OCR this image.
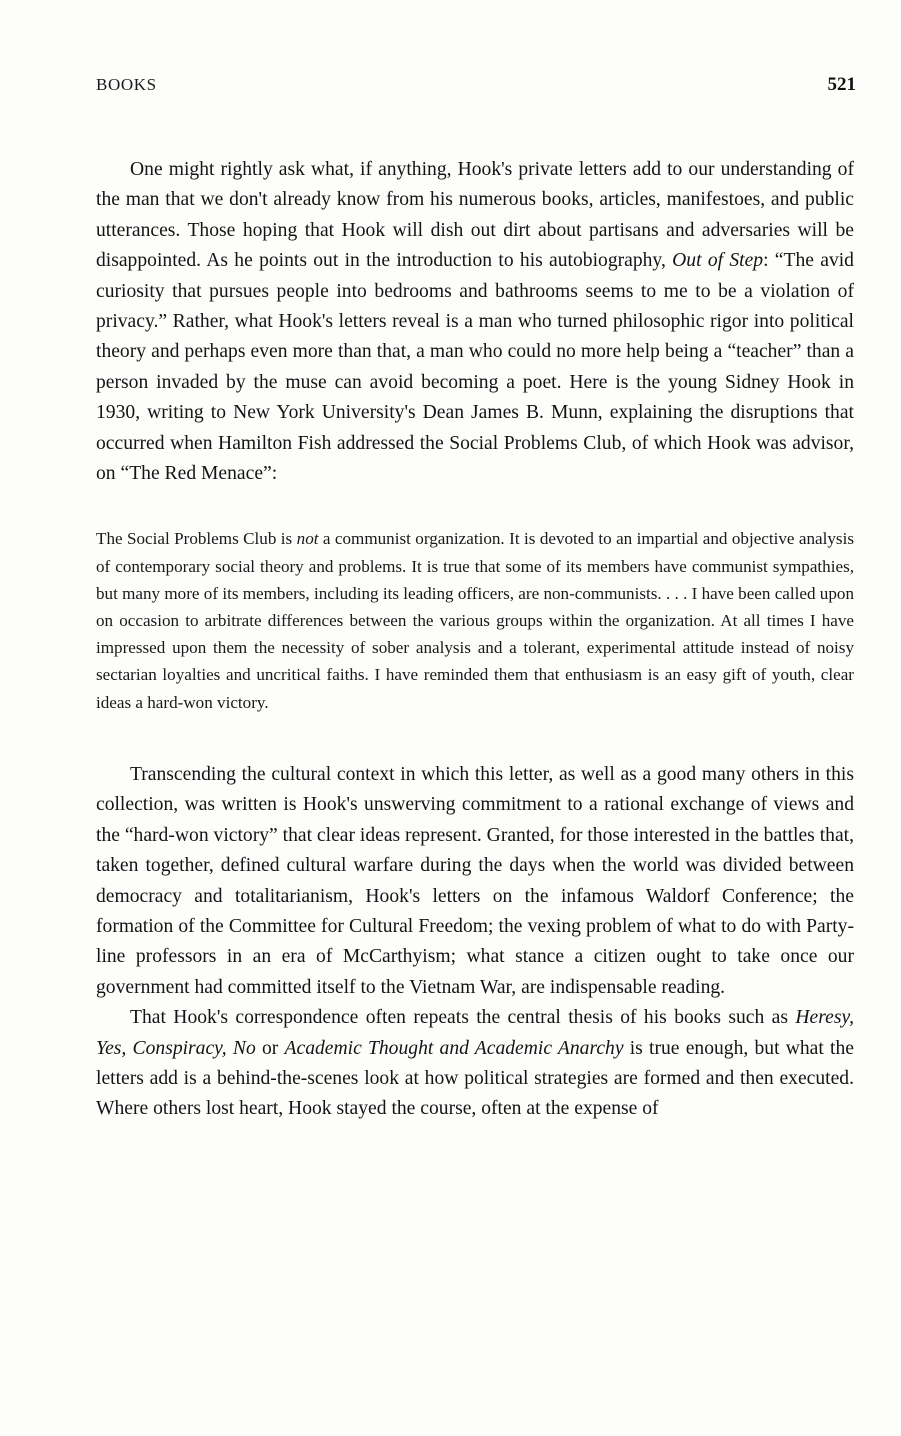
BOOKS	521

One might rightly ask what, if anything, Hook's private letters add to our understanding of the man that we don't already know from his numerous books, articles, manifestoes, and public utterances. Those hoping that Hook will dish out dirt about partisans and adversaries will be disappointed. As he points out in the introduction to his autobiography, Out of Step: “The avid curiosity that pursues people into bedrooms and bathrooms seems to me to be a violation of privacy.” Rather, what Hook's letters reveal is a man who turned philosophic rigor into political theory and perhaps even more than that, a man who could no more help being a “teacher” than a person invaded by the muse can avoid becoming a poet. Here is the young Sidney Hook in 1930, writing to New York University's Dean James B. Munn, explaining the disruptions that occurred when Hamilton Fish addressed the Social Problems Club, of which Hook was advisor, on “The Red Menace”:

The Social Problems Club is not a communist organization. It is devoted to an impartial and objective analysis of contemporary social theory and problems. It is true that some of its members have communist sympathies, but many more of its members, including its leading officers, are non-communists. . . . I have been called upon on occasion to arbitrate differences between the various groups within the organization. At all times I have impressed upon them the necessity of sober analysis and a tolerant, experimental attitude instead of noisy sectarian loyalties and uncritical faiths. I have reminded them that enthusiasm is an easy gift of youth, clear ideas a hard-won victory.

Transcending the cultural context in which this letter, as well as a good many others in this collection, was written is Hook's unswerving commitment to a rational exchange of views and the “hard-won victory” that clear ideas represent. Granted, for those interested in the battles that, taken together, defined cultural warfare during the days when the world was divided between democracy and totalitarianism, Hook's letters on the infamous Waldorf Conference; the formation of the Committee for Cultural Freedom; the vexing problem of what to do with Party-line professors in an era of McCarthyism; what stance a citizen ought to take once our government had committed itself to the Vietnam War, are indispensable reading.

That Hook's correspondence often repeats the central thesis of his books such as Heresy, Yes, Conspiracy, No or Academic Thought and Academic Anarchy is true enough, but what the letters add is a behind-the-scenes look at how political strategies are formed and then executed. Where others lost heart, Hook stayed the course, often at the expense of
